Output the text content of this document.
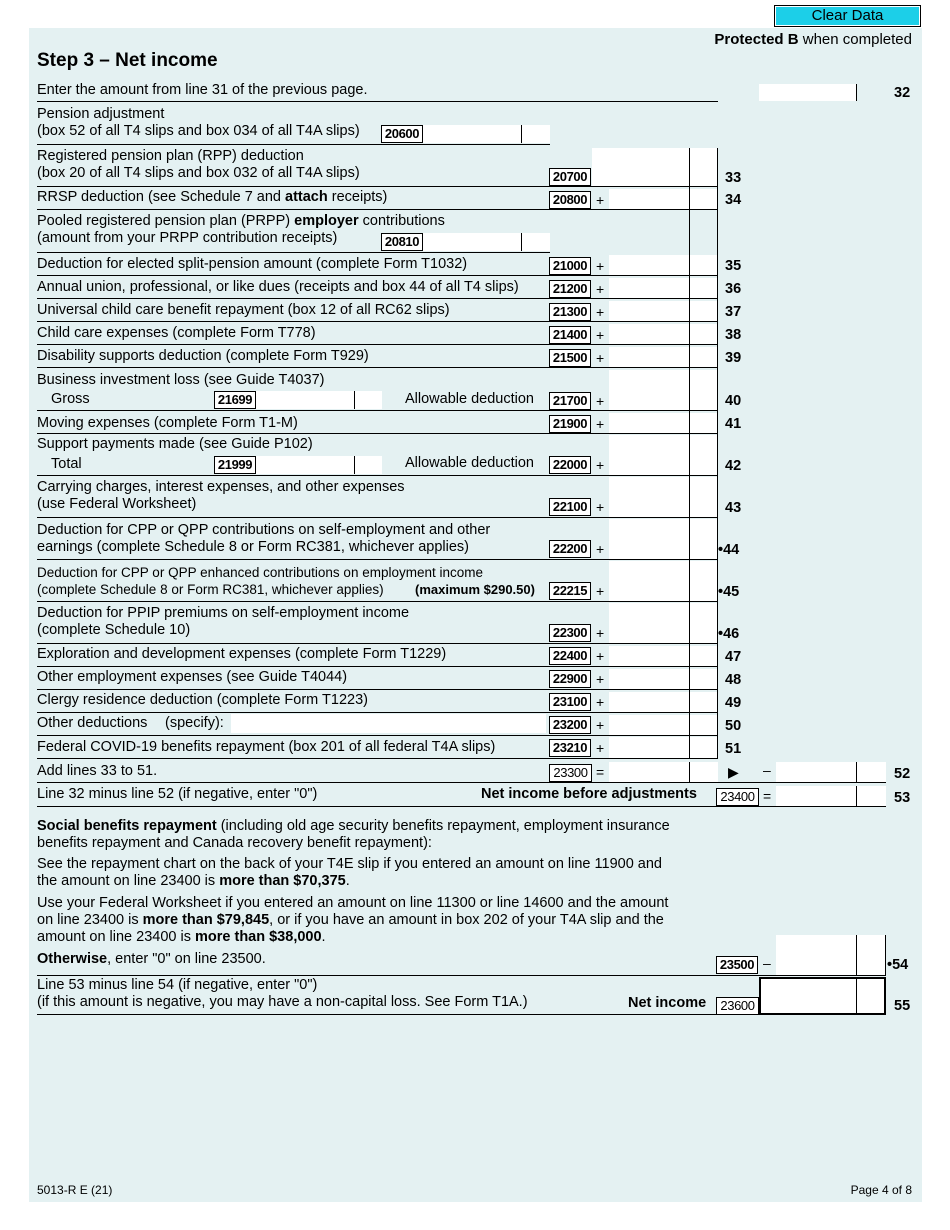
Clear Data
Protected B when completed
Step 3 – Net income
Enter the amount from line 31 of the previous page.	32
Pension adjustment
(box 52 of all T4 slips and box 034 of all T4A slips)	20600
Registered pension plan (RPP) deduction
(box 20 of all T4 slips and box 032 of all T4A slips)	20700	33
RRSP deduction (see Schedule 7 and attach receipts)	20800 +	34
Pooled registered pension plan (PRPP) employer contributions
(amount from your PRPP contribution receipts)	20810
Deduction for elected split-pension amount (complete Form T1032)	21000 +	35
Annual union, professional, or like dues (receipts and box 44 of all T4 slips)	21200 +	36
Universal child care benefit repayment (box 12 of all RC62 slips)	21300 +	37
Child care expenses (complete Form T778)	21400 +	38
Disability supports deduction (complete Form T929)	21500 +	39
Business investment loss (see Guide T4037)
Gross	21699	Allowable deduction	21700 +	40
Moving expenses (complete Form T1-M)	21900 +	41
Support payments made (see Guide P102)
Total	21999	Allowable deduction	22000 +	42
Carrying charges, interest expenses, and other expenses
(use Federal Worksheet)	22100 +	43
Deduction for CPP or QPP contributions on self-employment and other
earnings (complete Schedule 8 or Form RC381, whichever applies)	22200 +	•44
Deduction for CPP or QPP enhanced contributions on employment income
(complete Schedule 8 or Form RC381, whichever applies) (maximum $290.50)	22215 +	•45
Deduction for PPIP premiums on self-employment income
(complete Schedule 10)	22300 +	•46
Exploration and development expenses (complete Form T1229)	22400 +	47
Other employment expenses (see Guide T4044)	22900 +	48
Clergy residence deduction (complete Form T1223)	23100 +	49
Other deductions (specify):	23200 +	50
Federal COVID-19 benefits repayment (box 201 of all federal T4A slips)	23210 +	51
Add lines 33 to 51.	23300 =	▶ –	52
Line 32 minus line 52 (if negative, enter "0")	Net income before adjustments	23400 =	53
Social benefits repayment (including old age security benefits repayment, employment insurance
benefits repayment and Canada recovery benefit repayment):
See the repayment chart on the back of your T4E slip if you entered an amount on line 11900 and
the amount on line 23400 is more than $70,375.
Use your Federal Worksheet if you entered an amount on line 11300 or line 14600 and the amount
on line 23400 is more than $79,845, or if you have an amount in box 202 of your T4A slip and the
amount on line 23400 is more than $38,000.
Otherwise, enter "0" on line 23500.	23500 –	•54
Line 53 minus line 54 (if negative, enter "0")
(if this amount is negative, you may have a non-capital loss. See Form T1A.)	Net income	23600	55
5013-R E (21)	Page 4 of 8
